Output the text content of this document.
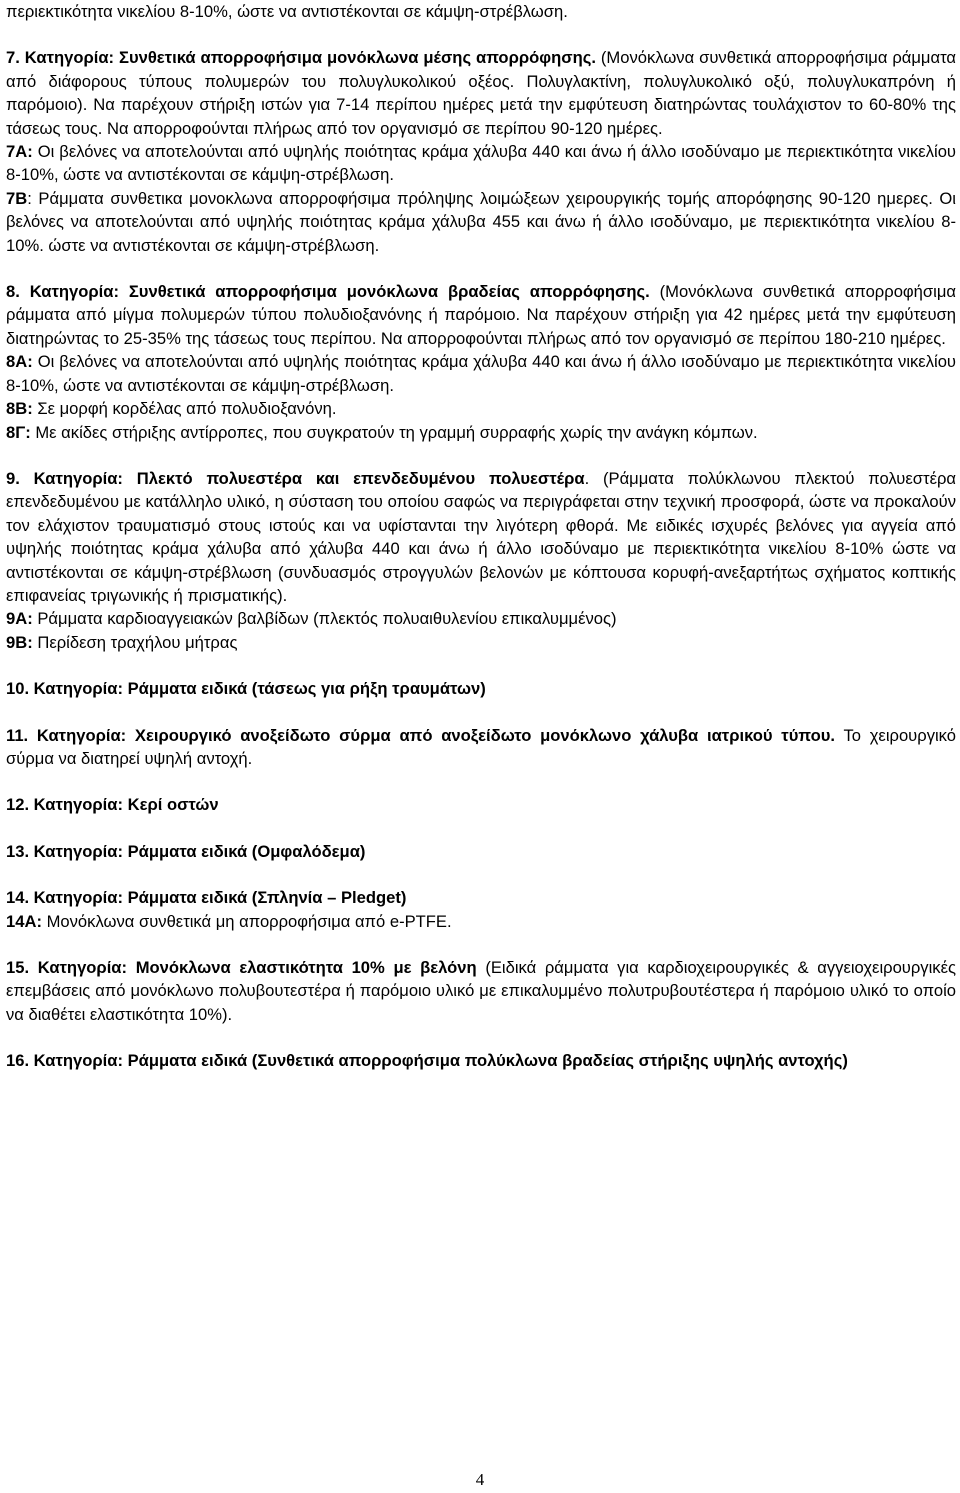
περιεκτικότητα νικελίου 8-10%, ώστε να αντιστέκονται σε κάμψη-στρέβλωση.

7. Κατηγορία: Συνθετικά απορροφήσιμα μονόκλωνα μέσης απορρόφησης. (Μονόκλωνα συνθετικά απορροφήσιμα ράμματα από διάφορους τύπους πολυμερών του πολυγλυκολικού οξέος. Πολυγλακτίνη, πολυγλυκολικό οξύ, πολυγλυκαπρόνη ή παρόμοιο). Να παρέχουν στήριξη ιστών για 7-14 περίπου ημέρες μετά την εμφύτευση διατηρώντας τουλάχιστον το 60-80% της τάσεως τους. Να απορροφούνται πλήρως από τον οργανισμό σε περίπου 90-120 ημέρες.

7Α: Οι βελόνες να αποτελούνται από υψηλής ποιότητας κράμα χάλυβα 440 και άνω ή άλλο ισοδύναμο με περιεκτικότητα νικελίου 8-10%, ώστε να αντιστέκονται σε κάμψη-στρέβλωση.

7Β: Ράμματα συνθετικα μονοκλωνα απορροφήσιμα πρόληψης λοιμώξεων χειρουργικής τομής απορόφησης 90-120 ημερες. Οι βελόνες να αποτελούνται από υψηλής ποιότητας κράμα χάλυβα 455 και άνω ή άλλο ισοδύναμο, με περιεκτικότητα νικελίου 8-10%. ώστε να αντιστέκονται σε κάμψη-στρέβλωση.

8. Κατηγορία: Συνθετικά απορροφήσιμα μονόκλωνα βραδείας απορρόφησης. (Μονόκλωνα συνθετικά απορροφήσιμα ράμματα από μίγμα πολυμερών τύπου πολυδιοξανόνης ή παρόμοιο. Να παρέχουν στήριξη για 42 ημέρες μετά την εμφύτευση διατηρώντας το 25-35% της τάσεως τους περίπου. Να απορροφούνται πλήρως από τον οργανισμό σε περίπου 180-210 ημέρες.

8Α: Οι βελόνες να αποτελούνται από υψηλής ποιότητας κράμα χάλυβα 440 και άνω ή άλλο ισοδύναμο με περιεκτικότητα νικελίου 8-10%, ώστε να αντιστέκονται σε κάμψη-στρέβλωση.

8Β: Σε μορφή κορδέλας από πολυδιοξανόνη.

8Γ: Με ακίδες στήριξης αντίρροπες, που συγκρατούν τη γραμμή συρραφής χωρίς την ανάγκη κόμπων.

9. Κατηγορία: Πλεκτό πολυεστέρα και επενδεδυμένου πολυεστέρα. (Ράμματα πολύκλωνου πλεκτού πολυεστέρα επενδεδυμένου με κατάλληλο υλικό, η σύσταση του οποίου σαφώς να περιγράφεται στην τεχνική προσφορά, ώστε να προκαλούν τον ελάχιστον τραυματισμό στους ιστούς και να υφίστανται την λιγότερη φθορά. Με ειδικές ισχυρές βελόνες για αγγεία από υψηλής ποιότητας κράμα χάλυβα από χάλυβα 440 και άνω ή άλλο ισοδύναμο με περιεκτικότητα νικελίου 8-10% ώστε να αντιστέκονται σε κάμψη-στρέβλωση (συνδυασμός στρογγυλών βελονών με κόπτουσα κορυφή-ανεξαρτήτως σχήματος κοπτικής επιφανείας τριγωνικής ή πρισματικής).

9Α: Ράμματα καρδιοαγγειακών βαλβίδων (πλεκτός πολυαιθυλενίου επικαλυμμένος)

9Β: Περίδεση τραχήλου μήτρας

10. Κατηγορία: Ράμματα ειδικά (τάσεως για ρήξη τραυμάτων)

11. Κατηγορία: Χειρουργικό ανοξείδωτο σύρμα από ανοξείδωτο μονόκλωνο χάλυβα ιατρικού τύπου. Το χειρουργικό σύρμα να διατηρεί υψηλή αντοχή.

12. Κατηγορία: Κερί οστών

13. Κατηγορία: Ράμματα ειδικά (Ομφαλόδεμα)

14. Κατηγορία: Ράμματα ειδικά (Σπληνία – Pledget)

14Α: Μονόκλωνα συνθετικά μη απορροφήσιμα από e-PTFE.

15. Κατηγορία: Μονόκλωνα ελαστικότητα 10% με βελόνη (Ειδικά ράμματα για καρδιοχειρουργικές & αγγειοχειρουργικές επεμβάσεις από μονόκλωνο πολυβουτεστέρα ή παρόμοιο υλικό με επικαλυμμένο πολυτρυβουτέστερα ή παρόμοιο υλικό το οποίο να διαθέτει ελαστικότητα 10%).

16. Κατηγορία: Ράμματα ειδικά (Συνθετικά απορροφήσιμα πολύκλωνα βραδείας στήριξης υψηλής αντοχής)

4
